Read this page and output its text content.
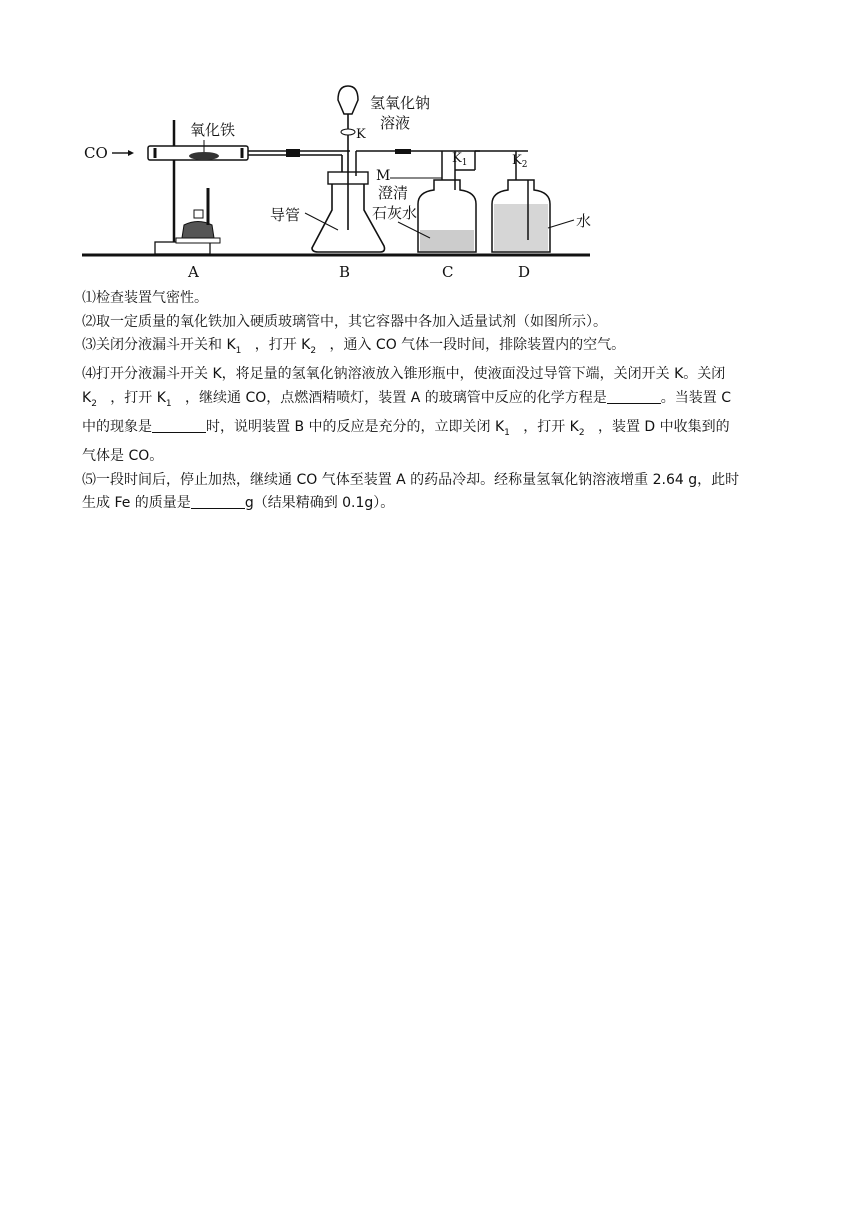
CO
氧化铁	K
氢氧化钠
溶液
导管
M
$K_1$
澄清
石灰水
$K_2$
水
A	B	C	D
⑴检查装置气密性。
⑵取一定质量的氧化铁加入硬质玻璃管中，其它容器中各加入适量试剂（如图所示）。
⑶关闭分液漏斗开关和 $K_1$ ，打开 $K_2$ ，通入 CO 气体一段时间，排除装置内的空气。
⑷打开分液漏斗开关 K，将足量的氢氧化钠溶液放入锥形瓶中，使液面没过导管下端，关闭开关 K。关闭
$K_2$ ，打开 $K_1$ ，继续通 CO，点燃酒精喷灯，装置 A 的玻璃管中反应的化学方程是	。当装置 C
中的现象是	时，说明装置 B 中的反应是充分的，立即关闭 $K_1$ ，打开 $K_2$ ，装置 D 中收集到的
气体是 CO。
⑸一段时间后，停止加热，继续通 CO 气体至装置 A 的药品冷却。经称量氢氧化钠溶液增重 2.64 g，此时
生成 Fe 的质量是	g（结果精确到 0.1g）。
